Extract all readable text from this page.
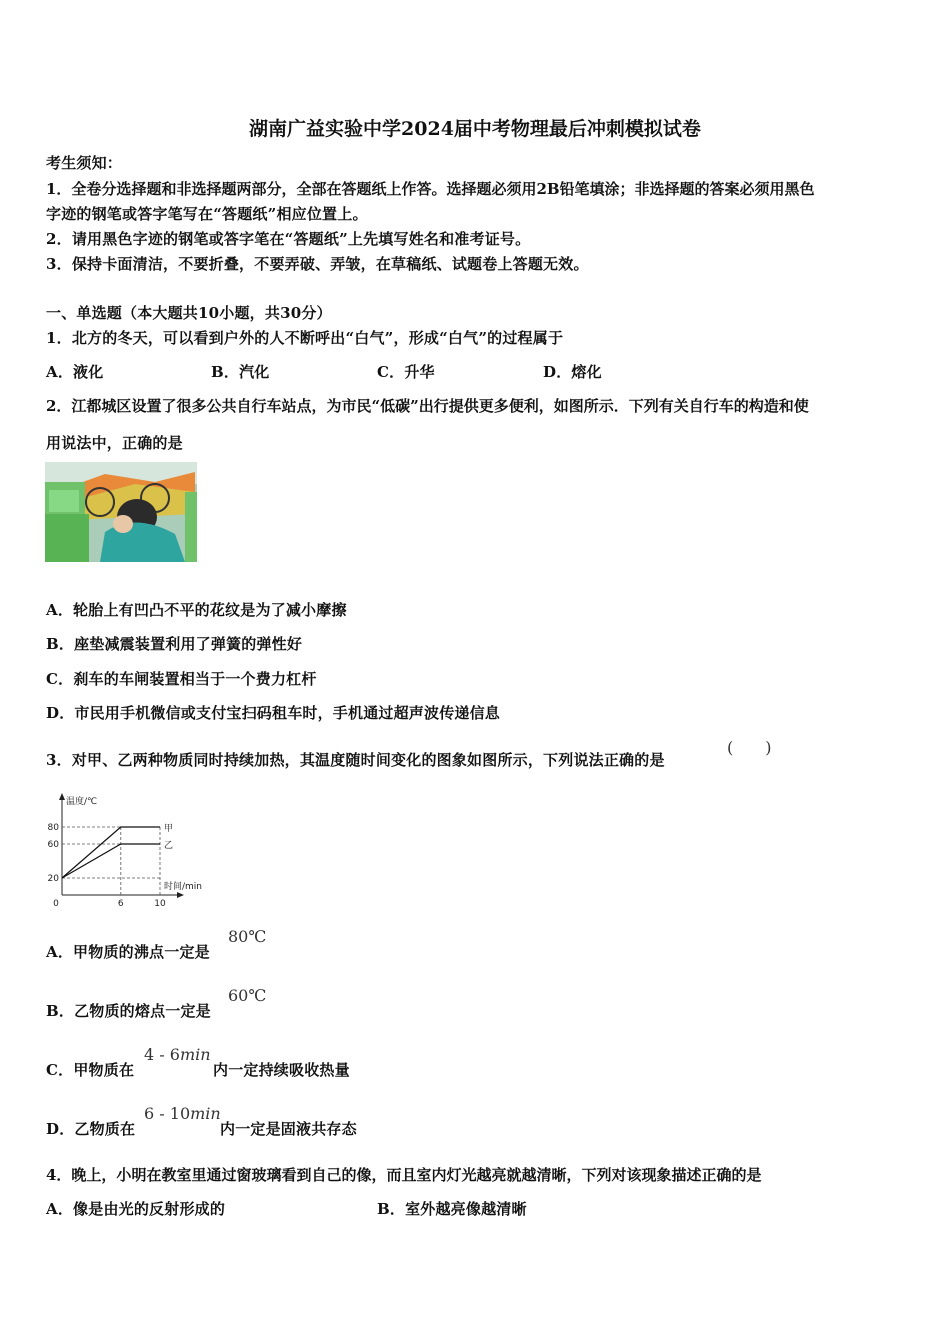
湖南广益实验中学2024届中考物理最后冲刺模拟试卷
考生须知：
1．全卷分选择题和非选择题两部分，全部在答题纸上作答。选择题必须用2B铅笔填涂；非选择题的答案必须用黑色
字迹的钢笔或答字笔写在“答题纸”相应位置上。
2．请用黑色字迹的钢笔或答字笔在“答题纸”上先填写姓名和准考证号。
3．保持卡面清洁，不要折叠，不要弄破、弄皱，在草稿纸、试题卷上答题无效。
一、单选题（本大题共10小题，共30分）
1．北方的冬天，可以看到户外的人不断呼出“白气”，形成“白气”的过程属于
A．液化	B．汽化	C．升华	D．熔化
2．江都城区设置了很多公共自行车站点，为市民“低碳”出行提供更多便利，如图所示．下列有关自行车的构造和使
用说法中，正确的是
A．轮胎上有凹凸不平的花纹是为了减小摩擦
B．座垫减震装置利用了弹簧的弹性好
C．刹车的车闸装置相当于一个费力杠杆
D．市民用手机微信或支付宝扫码租车时，手机通过超声波传递信息
3．对甲、乙两种物质同时持续加热，其温度随时间变化的图象如图所示，下列说法正确的是
(　　)
温度/℃
时间/min
20
60
80
0	6	10
甲
乙
A．甲物质的沸点一定是
80℃
B．乙物质的熔点一定是
60℃
C．甲物质在
4 - 6min
内一定持续吸收热量
D．乙物质在
6 - 10min
内一定是固液共存态
4．晚上，小明在教室里通过窗玻璃看到自己的像，而且室内灯光越亮就越清晰，下列对该现象描述正确的是
A．像是由光的反射形成的	B．室外越亮像越清晰
